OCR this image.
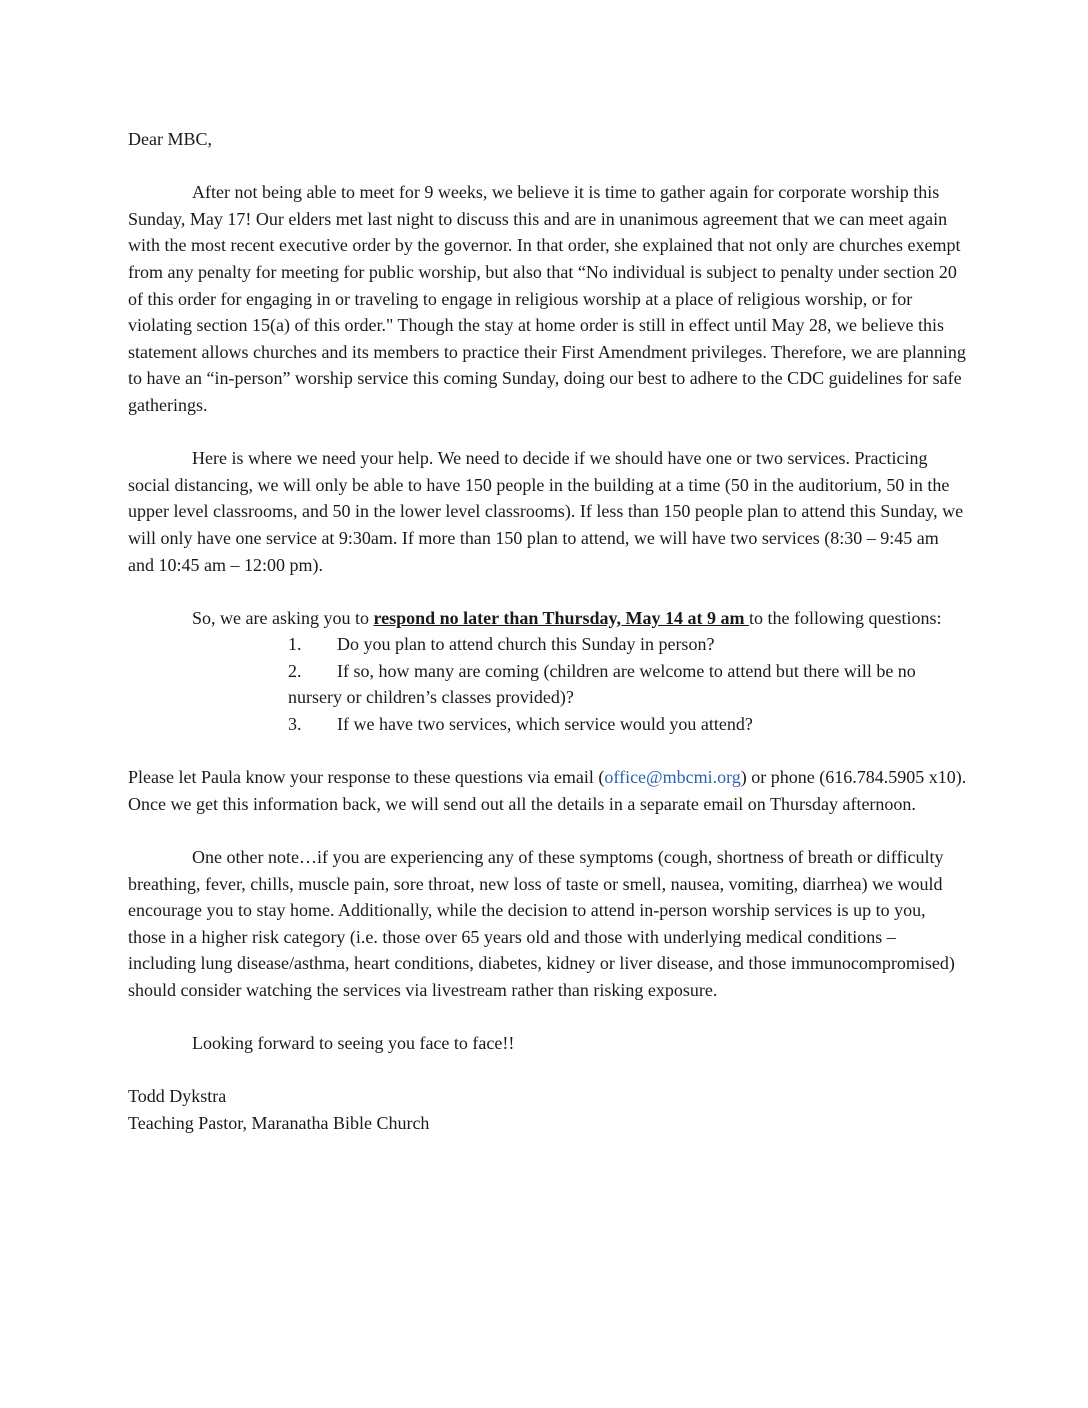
Dear MBC,

After not being able to meet for 9 weeks, we believe it is time to gather again for corporate worship this Sunday, May 17! Our elders met last night to discuss this and are in unanimous agreement that we can meet again with the most recent executive order by the governor. In that order, she explained that not only are churches exempt from any penalty for meeting for public worship, but also that “No individual is subject to penalty under section 20 of this order for engaging in or traveling to engage in religious worship at a place of religious worship, or for violating section 15(a) of this order." Though the stay at home order is still in effect until May 28, we believe this statement allows churches and its members to practice their First Amendment privileges. Therefore, we are planning to have an “in-person” worship service this coming Sunday, doing our best to adhere to the CDC guidelines for safe gatherings.

Here is where we need your help. We need to decide if we should have one or two services. Practicing social distancing, we will only be able to have 150 people in the building at a time (50 in the auditorium, 50 in the upper level classrooms, and 50 in the lower level classrooms). If less than 150 people plan to attend this Sunday, we will only have one service at 9:30am. If more than 150 plan to attend, we will have two services (8:30 – 9:45 am and 10:45 am – 12:00 pm).

So, we are asking you to respond no later than Thursday, May 14 at 9 am to the following questions:

1. Do you plan to attend church this Sunday in person?
2. If so, how many are coming (children are welcome to attend but there will be no nursery or children’s classes provided)?
3. If we have two services, which service would you attend?

Please let Paula know your response to these questions via email (office@mbcmi.org) or phone (616.784.5905 x10). Once we get this information back, we will send out all the details in a separate email on Thursday afternoon.

One other note…if you are experiencing any of these symptoms (cough, shortness of breath or difficulty breathing, fever, chills, muscle pain, sore throat, new loss of taste or smell, nausea, vomiting, diarrhea) we would encourage you to stay home. Additionally, while the decision to attend in-person worship services is up to you, those in a higher risk category (i.e. those over 65 years old and those with underlying medical conditions – including lung disease/asthma, heart conditions, diabetes, kidney or liver disease, and those immunocompromised) should consider watching the services via livestream rather than risking exposure.

Looking forward to seeing you face to face!!

Todd Dykstra

Teaching Pastor, Maranatha Bible Church
